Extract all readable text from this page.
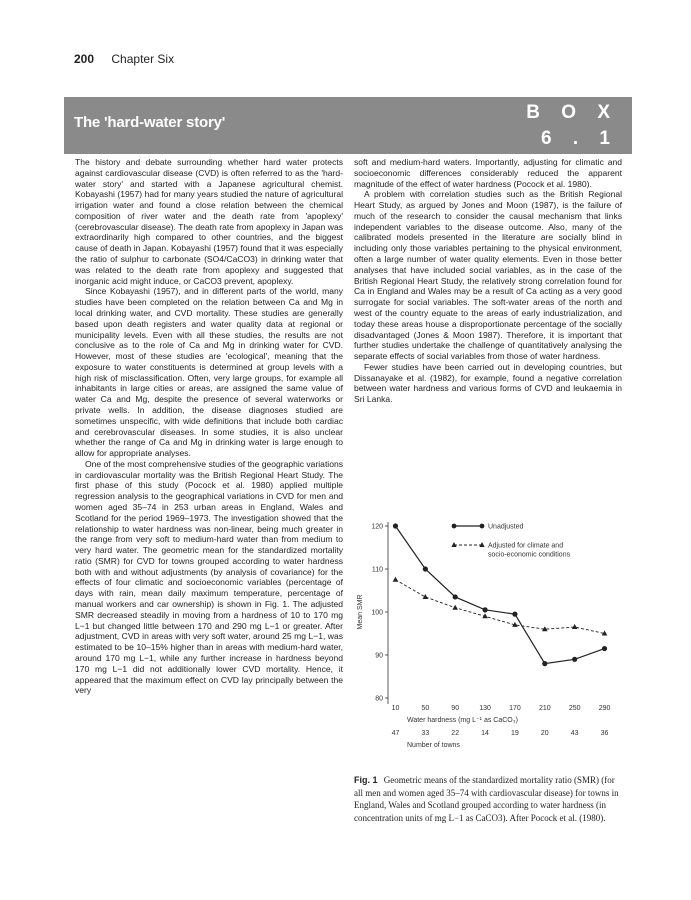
200 Chapter Six
The 'hard-water story'	B O X
6 . 1

The history and debate surrounding whether hard water protects against cardiovascular disease (CVD) is often referred to as the 'hard-water story' and started with a Japanese agricultural chemist. Kobayashi (1957) had for many years studied the nature of agricultural irrigation water and found a close relation between the chemical composition of river water and the death rate from 'apoplexy' (cerebrovascular disease). The death rate from apoplexy in Japan was extraordinarily high compared to other countries, and the biggest cause of death in Japan. Kobayashi (1957) found that it was especially the ratio of sulphur to carbonate (SO4/CaCO3) in drinking water that was related to the death rate from apoplexy and suggested that inorganic acid might induce, or CaCO3 prevent, apoplexy.

Since Kobayashi (1957), and in different parts of the world, many studies have been completed on the relation between Ca and Mg in local drinking water, and CVD mortality. These studies are generally based upon death registers and water quality data at regional or municipality levels. Even with all these studies, the results are not conclusive as to the role of Ca and Mg in drinking water for CVD. However, most of these studies are 'ecological', meaning that the exposure to water constituents is determined at group levels with a high risk of misclassification. Often, very large groups, for example all inhabitants in large cities or areas, are assigned the same value of water Ca and Mg, despite the presence of several waterworks or private wells. In addition, the disease diagnoses studied are sometimes unspecific, with wide definitions that include both cardiac and cerebrovascular diseases. In some studies, it is also unclear whether the range of Ca and Mg in drinking water is large enough to allow for appropriate analyses.

One of the most comprehensive studies of the geographic variations in cardiovascular mortality was the British Regional Heart Study. The first phase of this study (Pocock et al. 1980) applied multiple regression analysis to the geographical variations in CVD for men and women aged 35–74 in 253 urban areas in England, Wales and Scotland for the period 1969–1973. The investigation showed that the relationship to water hardness was non-linear, being much greater in the range from very soft to medium-hard water than from medium to very hard water. The geometric mean for the standardized mortality ratio (SMR) for CVD for towns grouped according to water hardness both with and without adjustments (by analysis of covariance) for the effects of four climatic and socioeconomic variables (percentage of days with rain, mean daily maximum temperature, percentage of manual workers and car ownership) is shown in Fig. 1. The adjusted SMR decreased steadily in moving from a hardness of 10 to 170 mg L−1 but changed little between 170 and 290 mg L−1 or greater. After adjustment, CVD in areas with very soft water, around 25 mg L−1, was estimated to be 10–15% higher than in areas with medium-hard water, around 170 mg L−1, while any further increase in hardness beyond 170 mg L−1 did not additionally lower CVD mortality. Hence, it appeared that the maximum effect on CVD lay principally between the very

soft and medium-hard waters. Importantly, adjusting for climatic and socioeconomic differences considerably reduced the apparent magnitude of the effect of water hardness (Pocock et al. 1980).

A problem with correlation studies such as the British Regional Heart Study, as argued by Jones and Moon (1987), is the failure of much of the research to consider the causal mechanism that links independent variables to the disease outcome. Also, many of the calibrated models presented in the literature are socially blind in including only those variables pertaining to the physical environment, often a large number of water quality elements. Even in those better analyses that have included social variables, as in the case of the British Regional Heart Study, the relatively strong correlation found for Ca in England and Wales may be a result of Ca acting as a very good surrogate for social variables. The soft-water areas of the north and west of the country equate to the areas of early industrialization, and today these areas house a disproportionate percentage of the socially disadvantaged (Jones & Moon 1987). Therefore, it is important that further studies undertake the challenge of quantitatively analysing the separate effects of social variables from those of water hardness.

Fewer studies have been carried out in developing countries, but Dissanayake et al. (1982), for example, found a negative correlation between water hardness and various forms of CVD and leukaemia in Sri Lanka.

80
90
100
110
120
10
47
50
33
90
22
130
14
170
19
210
20
250
43
290
36
Unadjusted
Adjusted for climate and socio-economic conditions
Mean SMR
Water hardness (mg L⁻¹ as CaCO₃)
Number of towns
Fig. 1 Geometric means of the standardized mortality ratio (SMR) (for all men and women aged 35–74 with cardiovascular disease) for towns in England, Wales and Scotland grouped according to water hardness (in concentration units of mg L−1 as CaCO3). After Pocock et al. (1980).
